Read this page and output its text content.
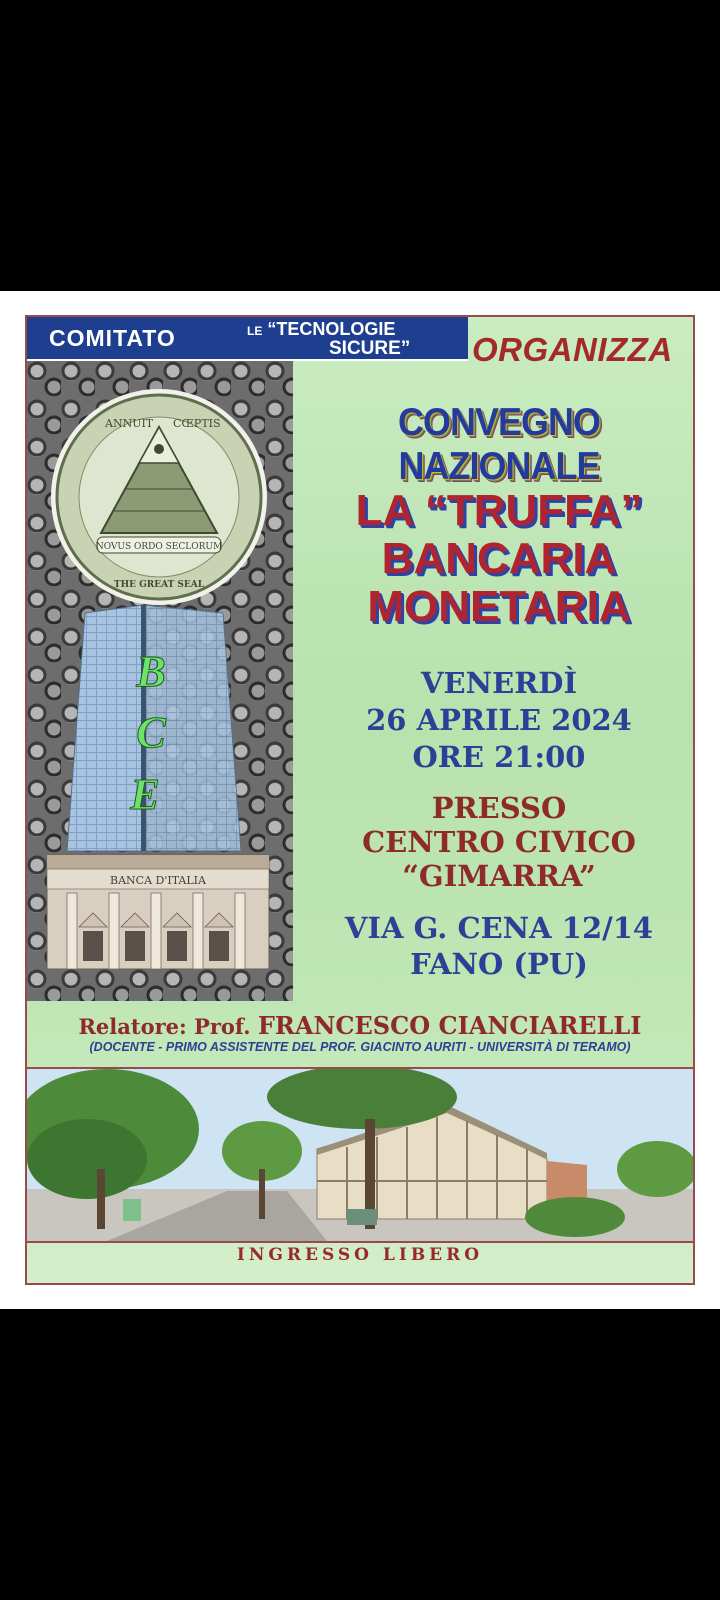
COMITATO	LE “TECNOLOGIE
SICURE” ORGANIZZA
NOVUS ORDO SECLORUM
ANNUIT CŒPTIS
THE GREAT SEAL
B
C
E
BANCA D'ITALIA
CONVEGNO NAZIONALE
LA “TRUFFA”
BANCARIA
MONETARIA
VENERDÌ
26 APRILE 2024
ORE 21:00
PRESSO
CENTRO CIVICO
“GIMARRA”
VIA G. CENA 12/14
FANO (PU)
Relatore: Prof. FRANCESCO CIANCIARELLI
(DOCENTE - PRIMO ASSISTENTE DEL PROF. GIACINTO AURITI - UNIVERSITÀ DI TERAMO)
INGRESSO LIBERO
